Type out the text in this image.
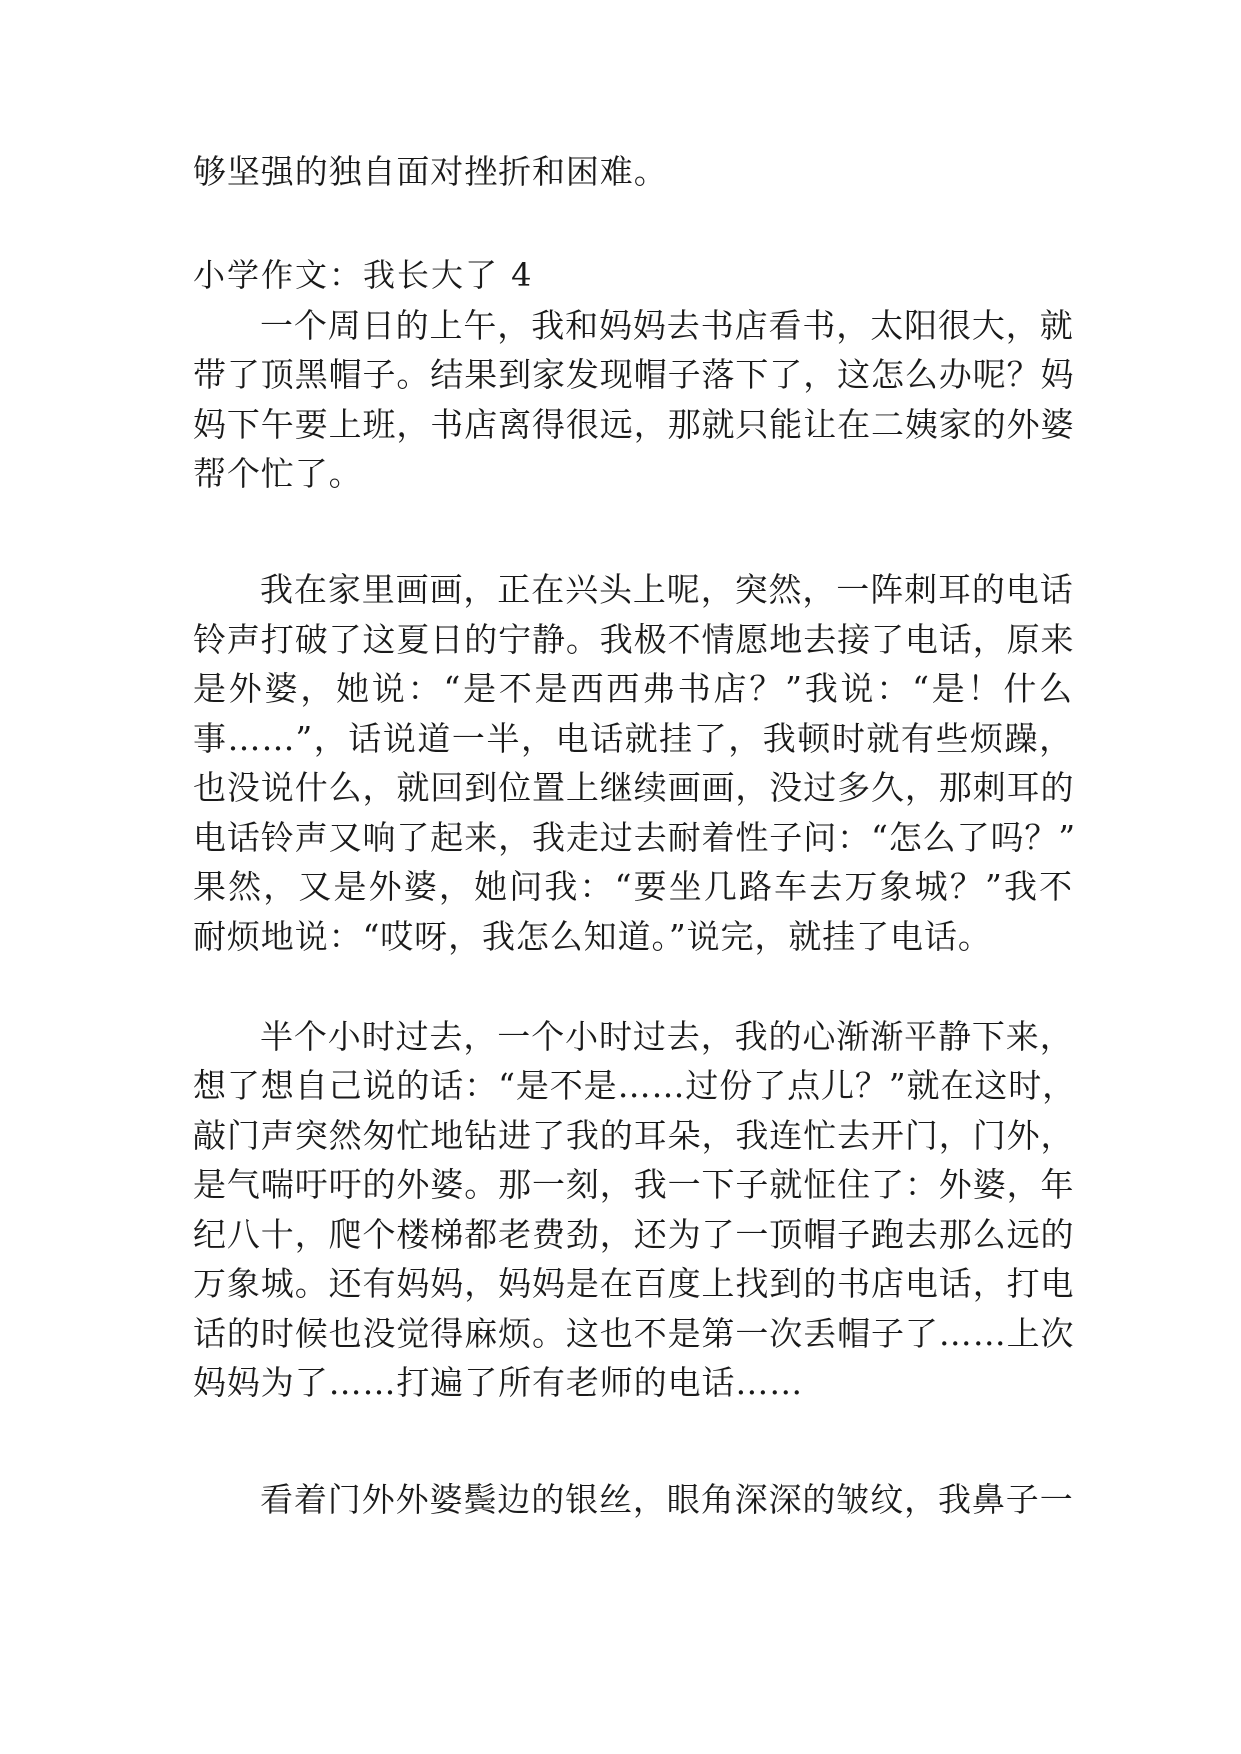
够坚强的独自面对挫折和困难。
小学作文：我长大了 4
一个周日的上午，我和妈妈去书店看书，太阳很大，就
带了顶黑帽子。结果到家发现帽子落下了，这怎么办呢？妈
妈下午要上班，书店离得很远，那就只能让在二姨家的外婆
帮个忙了。
我在家里画画，正在兴头上呢，突然，一阵刺耳的电话
铃声打破了这夏日的宁静。我极不情愿地去接了电话，原来
是外婆，她说：“是不是西西弗书店？”我说：“是！什么
事……”，话说道一半，电话就挂了，我顿时就有些烦躁，
也没说什么，就回到位置上继续画画，没过多久，那刺耳的
电话铃声又响了起来，我走过去耐着性子问：“怎么了吗？”
果然，又是外婆，她问我：“要坐几路车去万象城？”我不
耐烦地说：“哎呀，我怎么知道。”说完，就挂了电话。
半个小时过去，一个小时过去，我的心渐渐平静下来，
想了想自己说的话：“是不是……过份了点儿？”就在这时，
敲门声突然匆忙地钻进了我的耳朵，我连忙去开门，门外，
是气喘吁吁的外婆。那一刻，我一下子就怔住了：外婆，年
纪八十，爬个楼梯都老费劲，还为了一顶帽子跑去那么远的
万象城。还有妈妈，妈妈是在百度上找到的书店电话，打电
话的时候也没觉得麻烦。这也不是第一次丢帽子了……上次
妈妈为了……打遍了所有老师的电话……
看着门外外婆鬓边的银丝，眼角深深的皱纹，我鼻子一
